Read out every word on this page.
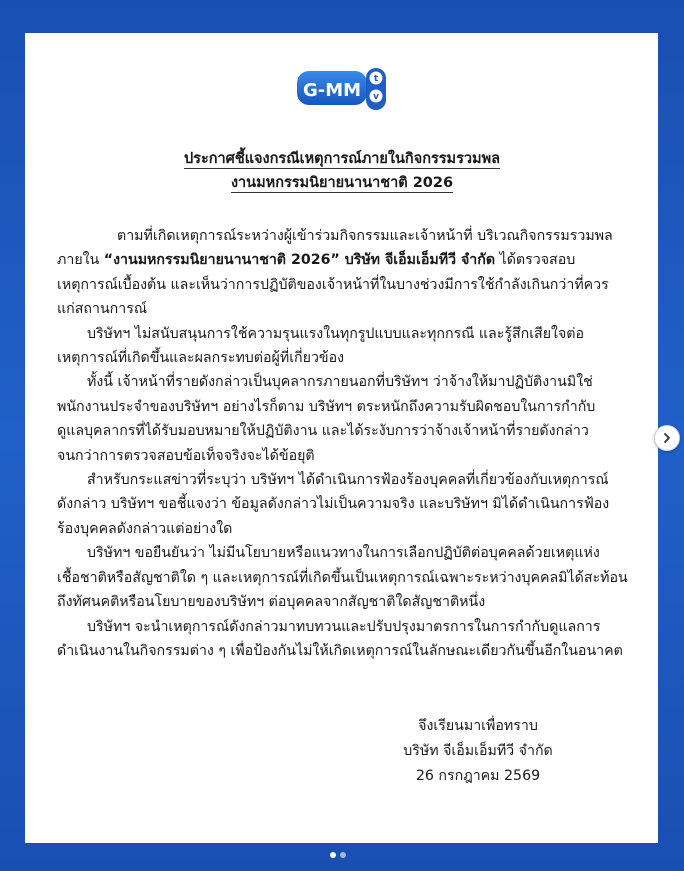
G-MM
t
v
ประกาศชี้แจงกรณีเหตุการณ์ภายในกิจกรรมรวมพล
งานมหกรรมนิยายนานาชาติ 2026
ตามที่เกิดเหตุการณ์ระหว่างผู้เข้าร่วมกิจกรรมและเจ้าหน้าที่ บริเวณกิจกรรมรวมพล
ภายใน “งานมหกรรมนิยายนานาชาติ 2026” บริษัท จีเอ็มเอ็มทีวี จำกัด ได้ตรวจสอบ
เหตุการณ์เบื้องต้น และเห็นว่าการปฏิบัติของเจ้าหน้าที่ในบางช่วงมีการใช้กำลังเกินกว่าที่ควร
แก่สถานการณ์
บริษัทฯ ไม่สนับสนุนการใช้ความรุนแรงในทุกรูปแบบและทุกกรณี และรู้สึกเสียใจต่อ
เหตุการณ์ที่เกิดขึ้นและผลกระทบต่อผู้ที่เกี่ยวข้อง
ทั้งนี้ เจ้าหน้าที่รายดังกล่าวเป็นบุคลากรภายนอกที่บริษัทฯ ว่าจ้างให้มาปฏิบัติงานมิใช่
พนักงานประจำของบริษัทฯ อย่างไรก็ตาม บริษัทฯ ตระหนักถึงความรับผิดชอบในการกำกับ
ดูแลบุคลากรที่ได้รับมอบหมายให้ปฏิบัติงาน และได้ระงับการว่าจ้างเจ้าหน้าที่รายดังกล่าว
จนกว่าการตรวจสอบข้อเท็จจริงจะได้ข้อยุติ
สำหรับกระแสข่าวที่ระบุว่า บริษัทฯ ได้ดำเนินการฟ้องร้องบุคคลที่เกี่ยวข้องกับเหตุการณ์
ดังกล่าว บริษัทฯ ขอชี้แจงว่า ข้อมูลดังกล่าวไม่เป็นความจริง และบริษัทฯ มิได้ดำเนินการฟ้อง
ร้องบุคคลดังกล่าวแต่อย่างใด
บริษัทฯ ขอยืนยันว่า ไม่มีนโยบายหรือแนวทางในการเลือกปฏิบัติต่อบุคคลด้วยเหตุแห่ง
เชื้อชาติหรือสัญชาติใด ๆ และเหตุการณ์ที่เกิดขึ้นเป็นเหตุการณ์เฉพาะระหว่างบุคคลมิได้สะท้อน
ถึงทัศนคติหรือนโยบายของบริษัทฯ ต่อบุคคลจากสัญชาติใดสัญชาติหนึ่ง
บริษัทฯ จะนำเหตุการณ์ดังกล่าวมาทบทวนและปรับปรุงมาตรการในการกำกับดูแลการ
ดำเนินงานในกิจกรรมต่าง ๆ เพื่อป้องกันไม่ให้เกิดเหตุการณ์ในลักษณะเดียวกันขึ้นอีกในอนาคต
จึงเรียนมาเพื่อทราบ
บริษัท จีเอ็มเอ็มทีวี จำกัด
26 กรกฎาคม 2569
